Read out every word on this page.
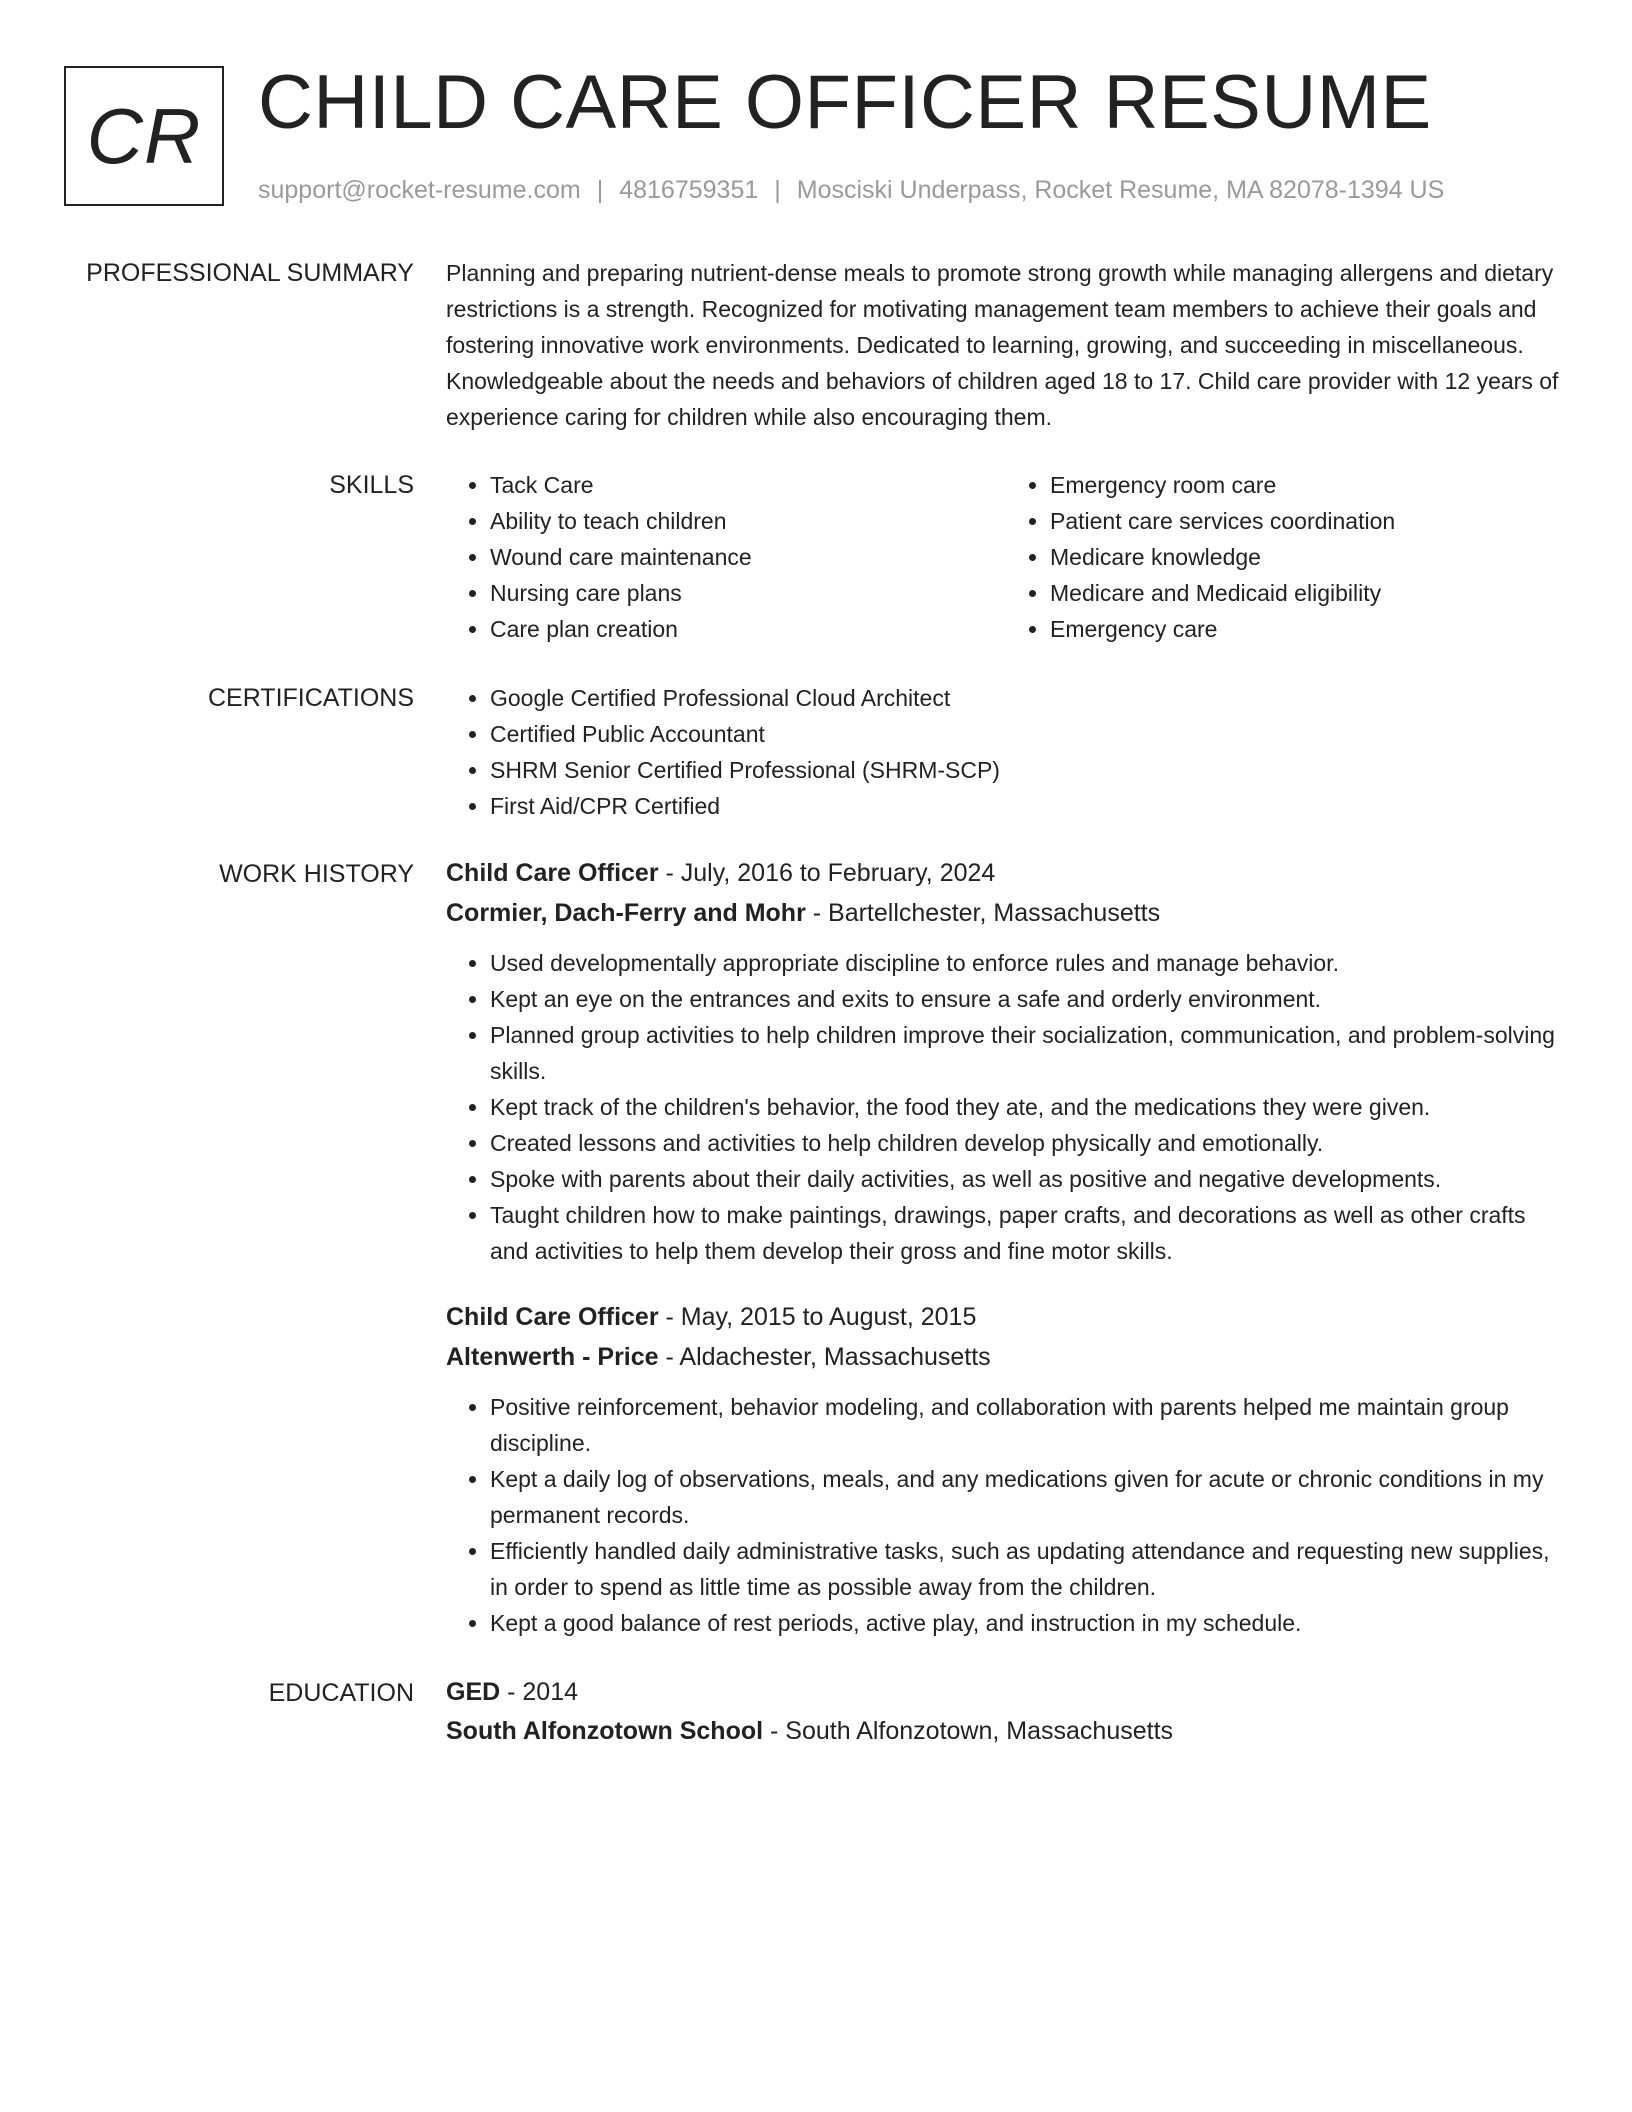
CR CHILD CARE OFFICER RESUME
support@rocket-resume.com | 4816759351 | Mosciski Underpass, Rocket Resume, MA 82078-1394 US
PROFESSIONAL SUMMARY Planning and preparing nutrient-dense meals to promote strong growth while managing allergens and dietary restrictions is a strength. Recognized for motivating management team members to achieve their goals and fostering innovative work environments. Dedicated to learning, growing, and succeeding in miscellaneous. Knowledgeable about the needs and behaviors of children aged 18 to 17. Child care provider with 12 years of experience caring for children while also encouraging them.

SKILLS	• Tack Care
• Ability to teach children
• Wound care maintenance
• Nursing care plans
• Care plan creation
• Emergency room care
• Patient care services coordination
• Medicare knowledge
• Medicare and Medicaid eligibility
• Emergency care
CERTIFICATIONS	• Google Certified Professional Cloud Architect
• Certified Public Accountant
• SHRM Senior Certified Professional (SHRM-SCP)
• First Aid/CPR Certified
WORK HISTORY Child Care Officer - July, 2016 to February, 2024
Cormier, Dach-Ferry and Mohr - Bartellchester, Massachusetts
• Used developmentally appropriate discipline to enforce rules and manage behavior.
• Kept an eye on the entrances and exits to ensure a safe and orderly environment.
• Planned group activities to help children improve their socialization, communication, and problem-solving skills.
• Kept track of the children's behavior, the food they ate, and the medications they were given.
• Created lessons and activities to help children develop physically and emotionally.
• Spoke with parents about their daily activities, as well as positive and negative developments.
• Taught children how to make paintings, drawings, paper crafts, and decorations as well as other crafts and activities to help them develop their gross and fine motor skills.
Child Care Officer - May, 2015 to August, 2015
Altenwerth - Price - Aldachester, Massachusetts
• Positive reinforcement, behavior modeling, and collaboration with parents helped me maintain group discipline.
• Kept a daily log of observations, meals, and any medications given for acute or chronic conditions in my permanent records.
• Efficiently handled daily administrative tasks, such as updating attendance and requesting new supplies, in order to spend as little time as possible away from the children.
• Kept a good balance of rest periods, active play, and instruction in my schedule.
EDUCATION GED - 2014
South Alfonzotown School - South Alfonzotown, Massachusetts
